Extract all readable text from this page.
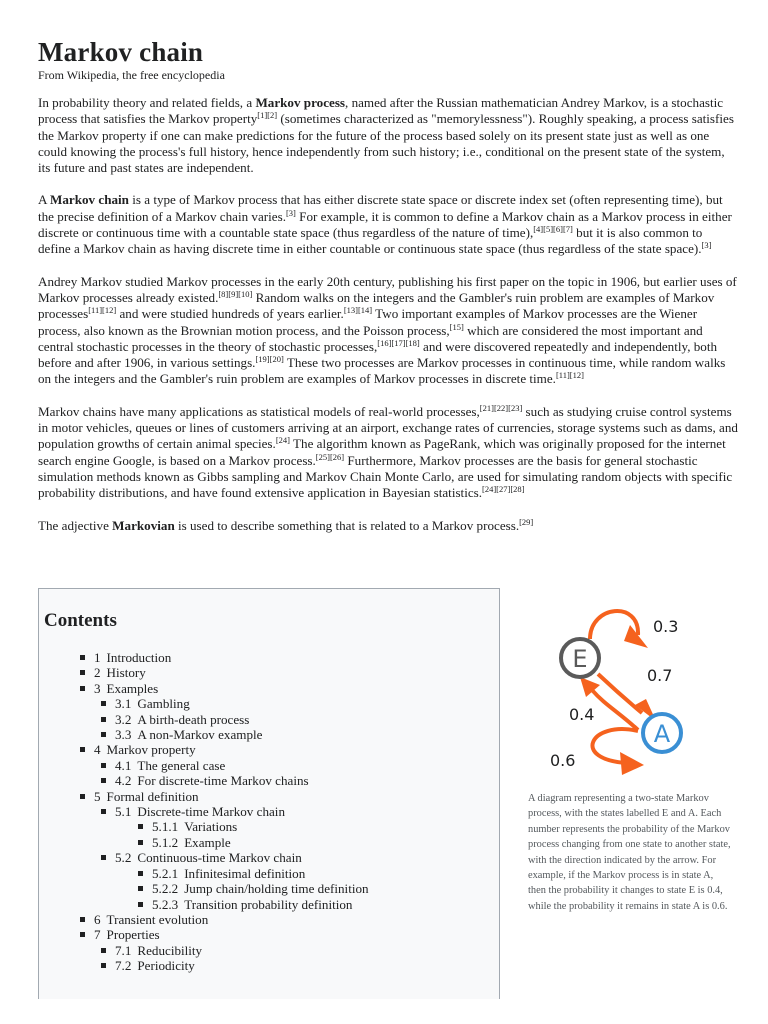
Markov chain
From Wikipedia, the free encyclopedia

In probability theory and related fields, a Markov process, named after the Russian mathematician Andrey Markov, is a stochastic process that satisfies the Markov property[1][2] (sometimes characterized as "memorylessness"). Roughly speaking, a process satisfies the Markov property if one can make predictions for the future of the process based solely on its present state just as well as one could knowing the process's full history, hence independently from such history; i.e., conditional on the present state of the system, its future and past states are independent.

A Markov chain is a type of Markov process that has either discrete state space or discrete index set (often representing time), but the precise definition of a Markov chain varies.[3] For example, it is common to define a Markov chain as a Markov process in either discrete or continuous time with a countable state space (thus regardless of the nature of time),[4][5][6][7] but it is also common to define a Markov chain as having discrete time in either countable or continuous state space (thus regardless of the state space).[3]

Andrey Markov studied Markov processes in the early 20th century, publishing his first paper on the topic in 1906, but earlier uses of Markov processes already existed.[8][9][10] Random walks on the integers and the Gambler's ruin problem are examples of Markov processes[11][12] and were studied hundreds of years earlier.[13][14] Two important examples of Markov processes are the Wiener process, also known as the Brownian motion process, and the Poisson process,[15] which are considered the most important and central stochastic processes in the theory of stochastic processes,[16][17][18] and were discovered repeatedly and independently, both before and after 1906, in various settings.[19][20] These two processes are Markov processes in continuous time, while random walks on the integers and the Gambler's ruin problem are examples of Markov processes in discrete time.[11][12]

Markov chains have many applications as statistical models of real-world processes,[21][22][23] such as studying cruise control systems in motor vehicles, queues or lines of customers arriving at an airport, exchange rates of currencies, storage systems such as dams, and population growths of certain animal species.[24] The algorithm known as PageRank, which was originally proposed for the internet search engine Google, is based on a Markov process.[25][26] Furthermore, Markov processes are the basis for general stochastic simulation methods known as Gibbs sampling and Markov Chain Monte Carlo, are used for simulating random objects with specific probability distributions, and have found extensive application in Bayesian statistics.[24][27][28]

The adjective Markovian is used to describe something that is related to a Markov process.[29]

Contents
1 Introduction
2 History
3 Examples
3.1 Gambling
3.2 A birth-death process
3.3 A non-Markov example
4 Markov property
4.1 The general case
4.2 For discrete-time Markov chains
5 Formal definition
5.1 Discrete-time Markov chain
5.1.1 Variations
5.1.2 Example
5.2 Continuous-time Markov chain
5.2.1 Infinitesimal definition
5.2.2 Jump chain/holding time definition
5.2.3 Transition probability definition
6 Transient evolution
7 Properties
7.1 Reducibility
7.2 Periodicity
E
A
0.3
0.7
0.4
0.6
A diagram representing a two-state Markov process, with the states labelled E and A. Each number represents the probability of the Markov process changing from one state to another state, with the direction indicated by the arrow. For example, if the Markov process is in state A, then the probability it changes to state E is 0.4, while the probability it remains in state A is 0.6.
